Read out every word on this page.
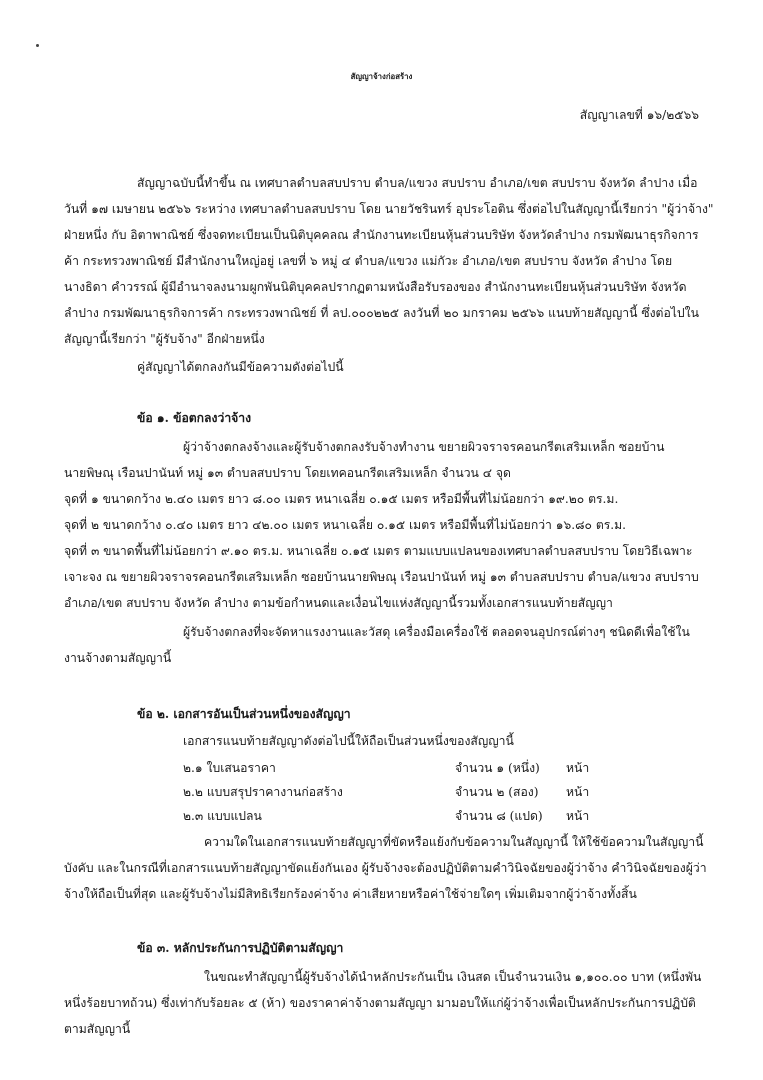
สัญญาจ้างก่อสร้าง
สัญญาเลขที่ ๑๖/๒๕๖๖
สัญญาฉบับนี้ทำขึ้น ณ เทศบาลตำบลสบปราบ ตำบล/แขวง สบปราบ อำเภอ/เขต สบปราบ จังหวัด ลำปาง เมื่อ
วันที่ ๑๗ เมษายน ๒๕๖๖ ระหว่าง เทศบาลตำบลสบปราบ โดย นายวัชรินทร์ อุประโอติน ซึ่งต่อไปในสัญญานี้เรียกว่า "ผู้ว่าจ้าง"
ฝ่ายหนึ่ง กับ อิตาพาณิชย์ ซึ่งจดทะเบียนเป็นนิติบุคคลณ สำนักงานทะเบียนหุ้นส่วนบริษัท จังหวัดลำปาง กรมพัฒนาธุรกิจการ
ค้า กระทรวงพาณิชย์ มีสำนักงานใหญ่อยู่ เลขที่ ๖ หมู่ ๔ ตำบล/แขวง แม่กัวะ อำเภอ/เขต สบปราบ จังหวัด ลำปาง โดย
นางธิดา คำวรรณ์ ผู้มีอำนาจลงนามผูกพันนิติบุคคลปรากฏตามหนังสือรับรองของ สำนักงานทะเบียนหุ้นส่วนบริษัท จังหวัด
ลำปาง กรมพัฒนาธุรกิจการค้า กระทรวงพาณิชย์ ที่ ลป.๐๐๐๒๒๕ ลงวันที่ ๒๐ มกราคม ๒๕๖๖ แนบท้ายสัญญานี้ ซึ่งต่อไปใน
สัญญานี้เรียกว่า "ผู้รับจ้าง" อีกฝ่ายหนึ่ง
คู่สัญญาได้ตกลงกันมีข้อความดังต่อไปนี้
ข้อ ๑. ข้อตกลงว่าจ้าง
ผู้ว่าจ้างตกลงจ้างและผู้รับจ้างตกลงรับจ้างทำงาน ขยายผิวจราจรคอนกรีตเสริมเหล็ก ซอยบ้าน
นายพิษณุ เรือนปานันท์ หมู่ ๑๓ ตำบลสบปราบ โดยเทคอนกรีตเสริมเหล็ก จำนวน ๔ จุด
จุดที่ ๑ ขนาดกว้าง ๒.๔๐ เมตร ยาว ๘.๐๐ เมตร หนาเฉลี่ย ๐.๑๕ เมตร หรือมีพื้นที่ไม่น้อยกว่า ๑๙.๒๐ ตร.ม.
จุดที่ ๒ ขนาดกว้าง ๐.๔๐ เมตร ยาว ๔๒.๐๐ เมตร หนาเฉลี่ย ๐.๑๕ เมตร หรือมีพื้นที่ไม่น้อยกว่า ๑๖.๘๐ ตร.ม.
จุดที่ ๓ ขนาดพื้นที่ไม่น้อยกว่า ๙.๑๐ ตร.ม. หนาเฉลี่ย ๐.๑๕ เมตร ตามแบบแปลนของเทศบาลตำบลสบปราบ โดยวิธีเฉพาะ
เจาะจง ณ ขยายผิวจราจรคอนกรีตเสริมเหล็ก ซอยบ้านนายพิษณุ เรือนปานันท์ หมู่ ๑๓ ตำบลสบปราบ ตำบล/แขวง สบปราบ
อำเภอ/เขต สบปราบ จังหวัด ลำปาง ตามข้อกำหนดและเงื่อนไขแห่งสัญญานี้รวมทั้งเอกสารแนบท้ายสัญญา
ผู้รับจ้างตกลงที่จะจัดหาแรงงานและวัสดุ เครื่องมือเครื่องใช้ ตลอดจนอุปกรณ์ต่างๆ ชนิดดีเพื่อใช้ใน
งานจ้างตามสัญญานี้
ข้อ ๒. เอกสารอันเป็นส่วนหนึ่งของสัญญา
เอกสารแนบท้ายสัญญาดังต่อไปนี้ให้ถือเป็นส่วนหนึ่งของสัญญานี้
๒.๑ ใบเสนอราคา	จำนวน ๑ (หนึ่ง) หน้า
๒.๒ แบบสรุปราคางานก่อสร้าง	จำนวน ๒ (สอง) หน้า
๒.๓ แบบแปลน	จำนวน ๘ (แปด) หน้า
ความใดในเอกสารแนบท้ายสัญญาที่ขัดหรือแย้งกับข้อความในสัญญานี้ ให้ใช้ข้อความในสัญญานี้
บังคับ และในกรณีที่เอกสารแนบท้ายสัญญาขัดแย้งกันเอง ผู้รับจ้างจะต้องปฏิบัติตามคำวินิจฉัยของผู้ว่าจ้าง คำวินิจฉัยของผู้ว่า
จ้างให้ถือเป็นที่สุด และผู้รับจ้างไม่มีสิทธิเรียกร้องค่าจ้าง ค่าเสียหายหรือค่าใช้จ่ายใดๆ เพิ่มเติมจากผู้ว่าจ้างทั้งสิ้น
ข้อ ๓. หลักประกันการปฏิบัติตามสัญญา
ในขณะทำสัญญานี้ผู้รับจ้างได้นำหลักประกันเป็น เงินสด เป็นจำนวนเงิน ๑,๑๐๐.๐๐ บาท (หนึ่งพัน
หนึ่งร้อยบาทถ้วน) ซึ่งเท่ากับร้อยละ ๕ (ห้า) ของราคาค่าจ้างตามสัญญา มามอบให้แก่ผู้ว่าจ้างเพื่อเป็นหลักประกันการปฏิบัติ
ตามสัญญานี้
